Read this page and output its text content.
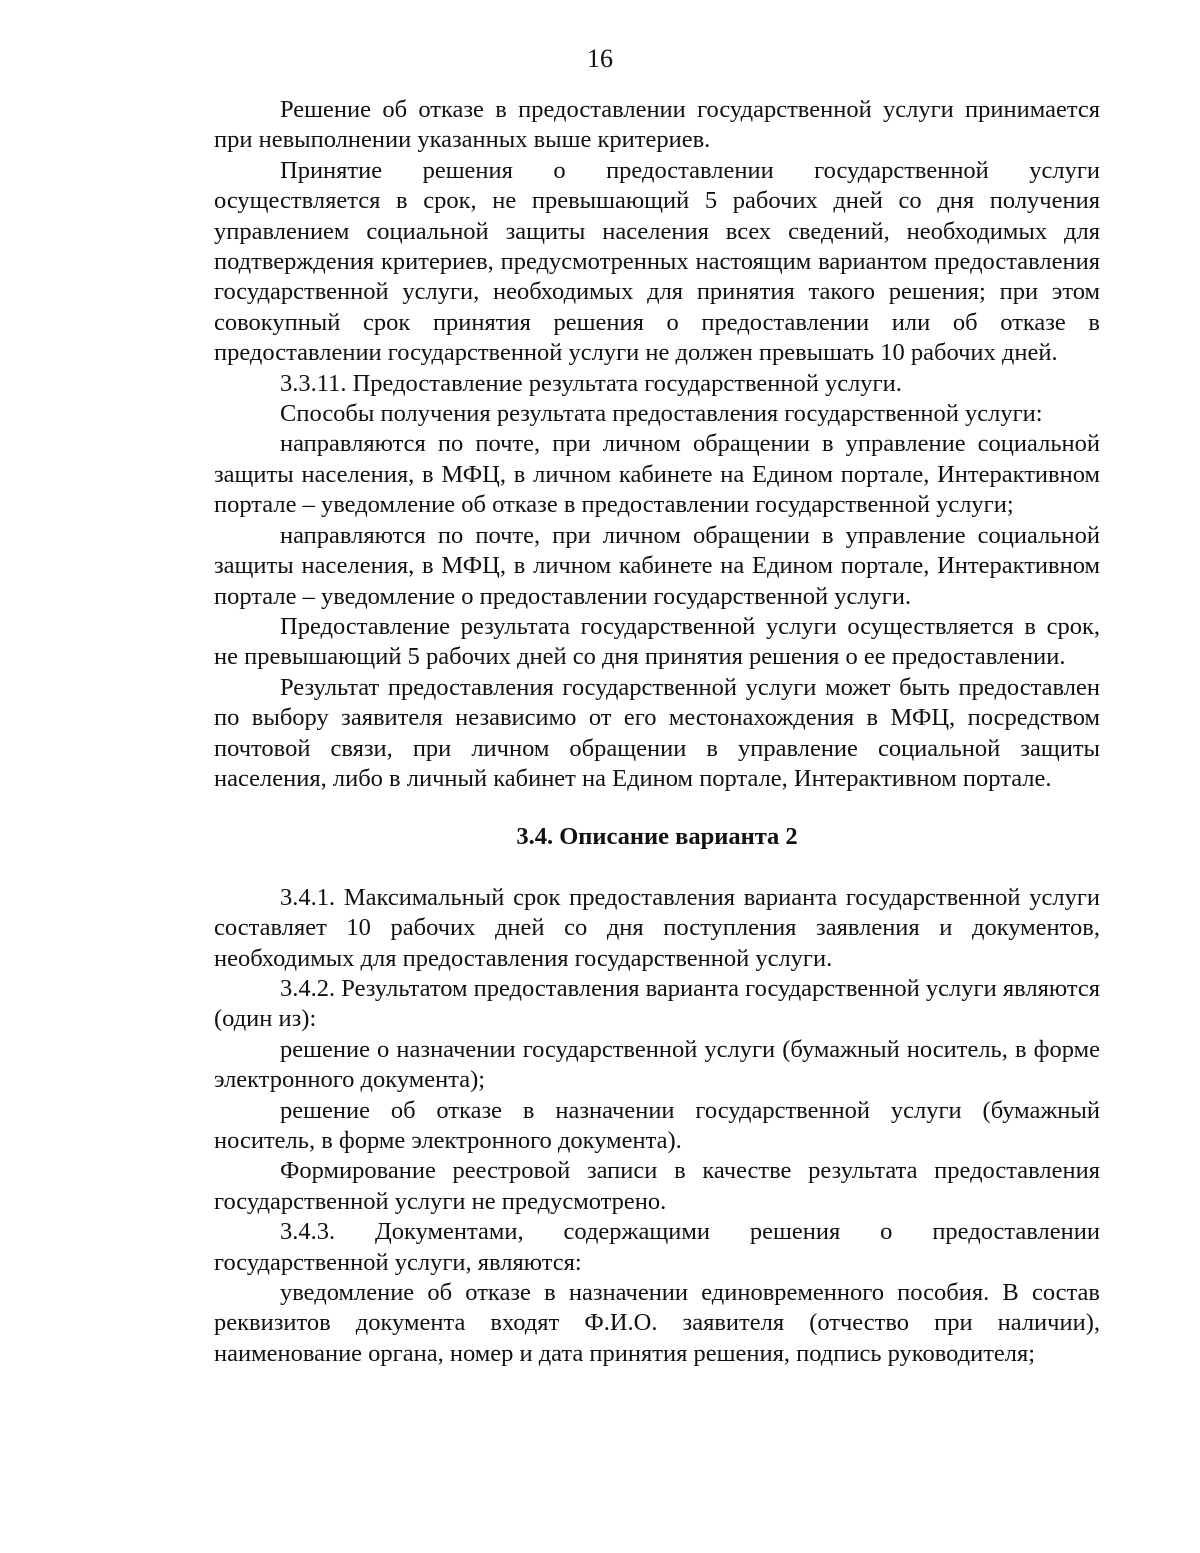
16

Решение об отказе в предоставлении государственной услуги принимается при невыполнении указанных выше критериев.

Принятие решения о предоставлении государственной услуги осуществляется в срок, не превышающий 5 рабочих дней со дня получения управлением социальной защиты населения всех сведений, необходимых для подтверждения критериев, предусмотренных настоящим вариантом предоставления государственной услуги, необходимых для принятия такого решения; при этом совокупный срок принятия решения о предоставлении или об отказе в предоставлении государственной услуги не должен превышать 10 рабочих дней.

3.3.11. Предоставление результата государственной услуги.

Способы получения результата предоставления государственной услуги:

направляются по почте, при личном обращении в управление социальной защиты населения, в МФЦ, в личном кабинете на Едином портале, Интерактивном портале – уведомление об отказе в предоставлении государственной услуги;

направляются по почте, при личном обращении в управление социальной защиты населения, в МФЦ, в личном кабинете на Едином портале, Интерактивном портале – уведомление о предоставлении государственной услуги.

Предоставление результата государственной услуги осуществляется в срок, не превышающий 5 рабочих дней со дня принятия решения о ее предоставлении.

Результат предоставления государственной услуги может быть предоставлен по выбору заявителя независимо от его местонахождения в МФЦ, посредством почтовой связи, при личном обращении в управление социальной защиты населения, либо в личный кабинет на Едином портале, Интерактивном портале.

3.4. Описание варианта 2

3.4.1. Максимальный срок предоставления варианта государственной услуги составляет 10 рабочих дней со дня поступления заявления и документов, необходимых для предоставления государственной услуги.

3.4.2. Результатом предоставления варианта государственной услуги являются (один из):

решение о назначении государственной услуги (бумажный носитель, в форме электронного документа);

решение об отказе в назначении государственной услуги (бумажный носитель, в форме электронного документа).

Формирование реестровой записи в качестве результата предоставления государственной услуги не предусмотрено.

3.4.3. Документами, содержащими решения о предоставлении государственной услуги, являются:

уведомление об отказе в назначении единовременного пособия. В состав реквизитов документа входят Ф.И.О. заявителя (отчество при наличии), наименование органа, номер и дата принятия решения, подпись руководителя;
